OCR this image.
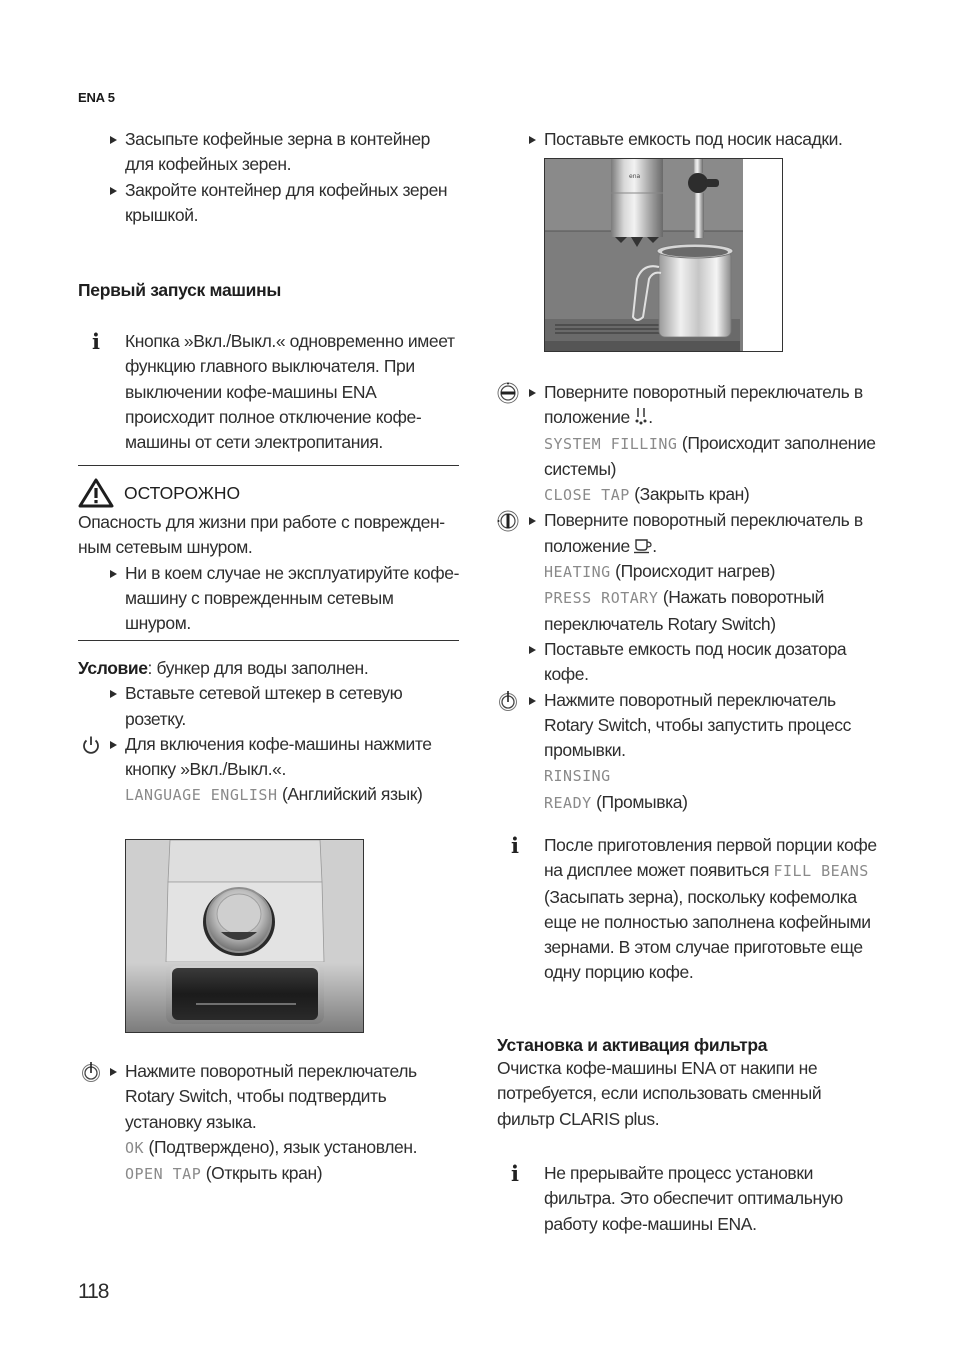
ENA 5
Засыпьте кофейные зерна в контейнер для кофейных зерен.
Закройте контейнер для кофейных зерен крышкой.
Первый запуск машины
i Кнопка »Вкл./Выкл.« одновременно имеет функцию главного выключателя. При выключении кофе-машины ENA происходит полное отключение кофе-машины от сети электропитания.
ОСТОРОЖНО
Опасность для жизни при работе с поврежден-ным сетевым шнуром.
Ни в коем случае не эксплуатируйте кофе-машину с поврежденным сетевым шнуром.
Условие: бункер для воды заполнен.
Вставьте сетевой штекер в сетевую розетку.
Для включения кофе-машины нажмите кнопку »Вкл./Выкл.«.
LANGUAGE ENGLISH (Английский язык)
Нажмите поворотный переключатель Rotary Switch, чтобы подтвердить установку языка.
OK (Подтверждено), язык установлен.
OPEN TAP (Открыть кран)
Поставьте емкость под носик насадки.
ena
Поверните поворотный переключатель в положение .
SYSTEM FILLING (Происходит заполнение системы)
CLOSE TAP (Закрыть кран)
Поверните поворотный переключатель в положение .
HEATING (Происходит нагрев)
PRESS ROTARY (Нажать поворотный переключатель Rotary Switch)
Поставьте емкость под носик дозатора кофе.
Нажмите поворотный переключатель Rotary Switch, чтобы запустить процесс промывки.
RINSING
READY (Промывка)
i После приготовления первой порции кофе на дисплее может появиться FILL BEANS (Засыпать зерна), поскольку кофемолка еще не полностью заполнена кофейными зернами. В этом случае приготовьте еще одну порцию кофе.
Установка и активация фильтра
Очистка кофе-машины ENA от накипи не потребуется, если использовать сменный фильтр CLARIS plus.
i Не прерывайте процесс установки фильтра. Это обеспечит оптимальную работу кофе-машины ENA.
118
